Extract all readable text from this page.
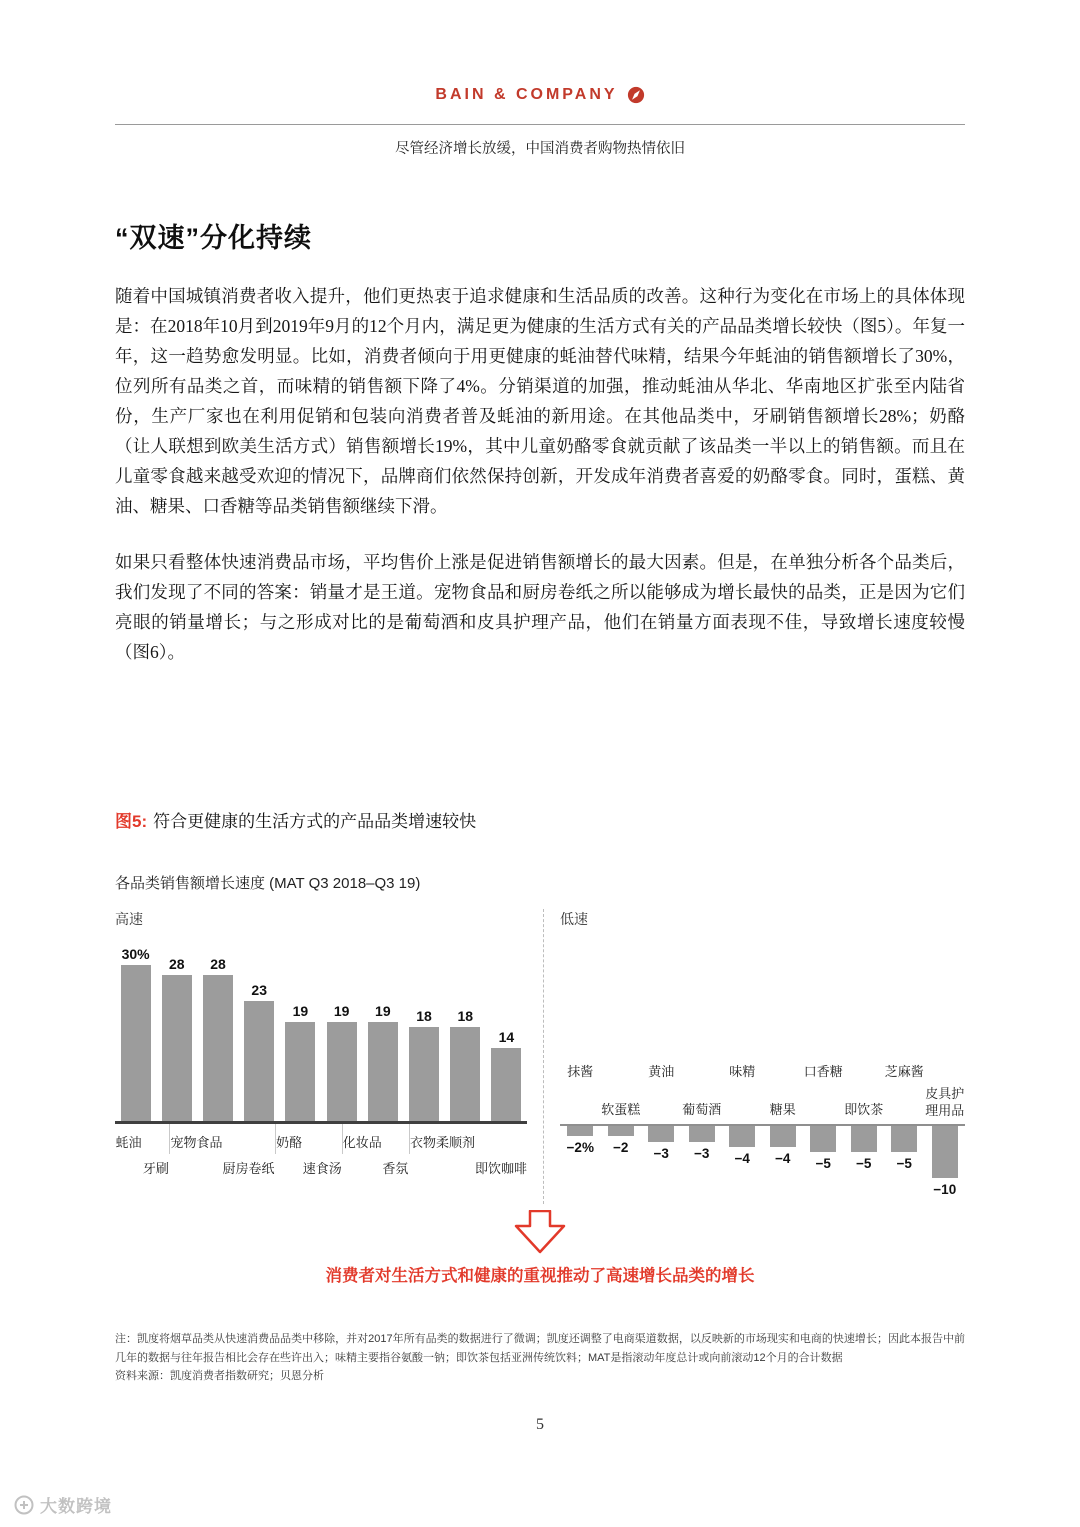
BAIN & COMPANY
尽管经济增长放缓，中国消费者购物热情依旧
“双速”分化持续

随着中国城镇消费者收入提升，他们更热衷于追求健康和生活品质的改善。这种行为变化在市场上的具体体现是：在2018年10月到2019年9月的12个月内，满足更为健康的生活方式有关的产品品类增长较快（图5）。年复一年，这一趋势愈发明显。比如，消费者倾向于用更健康的蚝油替代味精，结果今年蚝油的销售额增长了30%，位列所有品类之首，而味精的销售额下降了4%。分销渠道的加强，推动蚝油从华北、华南地区扩张至内陆省份，生产厂家也在利用促销和包装向消费者普及蚝油的新用途。在其他品类中，牙刷销售额增长28%；奶酪（让人联想到欧美生活方式）销售额增长19%，其中儿童奶酪零食就贡献了该品类一半以上的销售额。而且在儿童零食越来越受欢迎的情况下，品牌商们依然保持创新，开发成年消费者喜爱的奶酪零食。同时，蛋糕、黄油、糖果、口香糖等品类销售额继续下滑。

如果只看整体快速消费品市场，平均售价上涨是促进销售额增长的最大因素。但是，在单独分析各个品类后，我们发现了不同的答案：销量才是王道。宠物食品和厨房卷纸之所以能够成为增长最快的品类，正是因为它们亮眼的销量增长；与之形成对比的是葡萄酒和皮具护理产品，他们在销量方面表现不佳，导致增长速度较慢（图6）。

图5: 符合更健康的生活方式的产品品类增速较快
各品类销售额增长速度 (MAT Q3 2018–Q3 19)
高速
30%
28 28
23
19 19 19 18 18
14
蚝油
牙刷
宠物食品
厨房卷纸
奶酪
速食汤
化妆品
香氛
衣物柔顺剂
即饮咖啡
低速
抹酱
软蛋糕
黄油
葡萄酒
味精
糖果
口香糖
即饮茶
芝麻酱
皮具护理用品
−2% −2 −3 −3 −4 −4 −5 −5 −5
−10
消费者对生活方式和健康的重视推动了高速增长品类的增长

注：凯度将烟草品类从快速消费品品类中移除，并对2017年所有品类的数据进行了微调；凯度还调整了电商渠道数据，以反映新的市场现实和电商的快速增长；因此本报告中前几年的数据与往年报告相比会存在些许出入；味精主要指谷氨酸一钠；即饮茶包括亚洲传统饮料；MAT是指滚动年度总计或向前滚动12个月的合计数据

资料来源：凯度消费者指数研究；贝恩分析

5
大数跨境
